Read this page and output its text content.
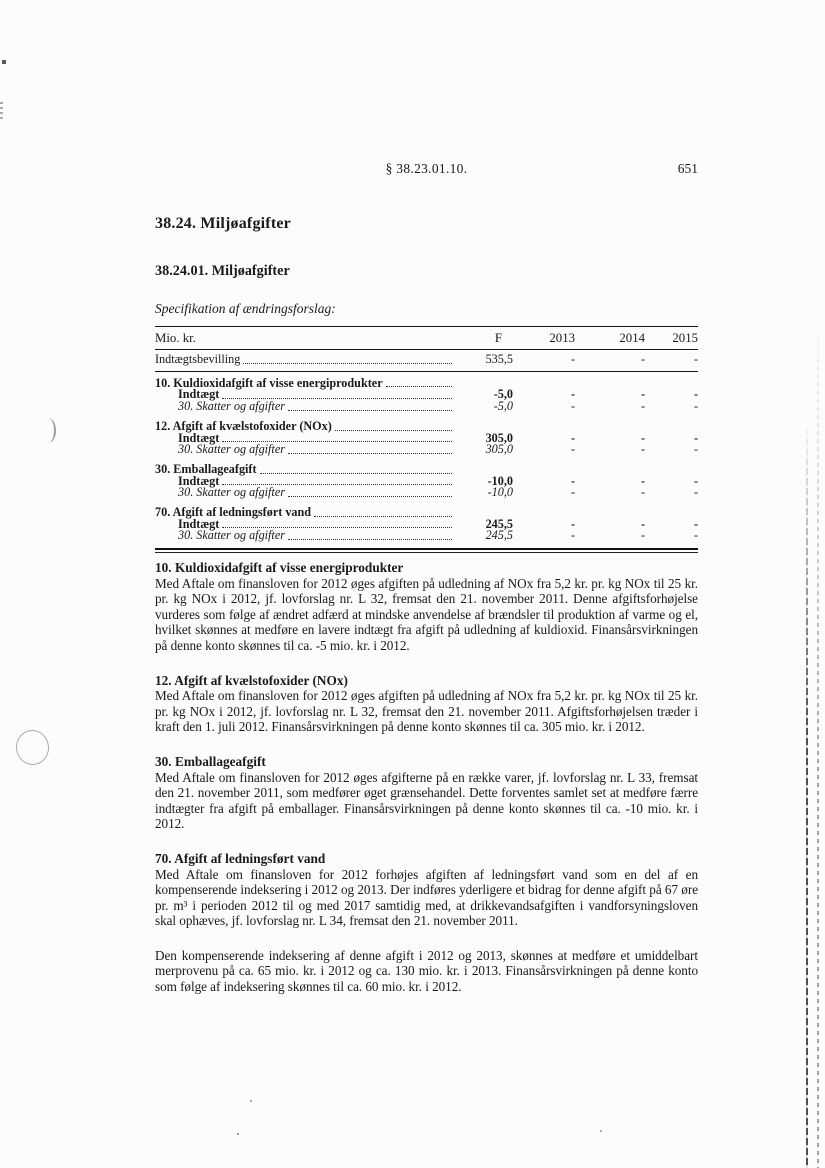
§ 38.23.01.10.	651
38.24. Miljøafgifter
38.24.01. Miljøafgifter
Specifikation af ændringsforslag:
Mio. kr.	F	2013	2014	2015
Indtægtsbevilling	535,5	-	-	-
10. Kuldioxidafgift af visse energiprodukter
Indtægt	-5,0	-	-	-
30. Skatter og afgifter	-5,0	-	-	-
12. Afgift af kvælstofoxider (NOx)
Indtægt	305,0	-	-	-
30. Skatter og afgifter	305,0	-	-	-
30. Emballageafgift
Indtægt	-10,0	-	-	-
30. Skatter og afgifter	-10,0	-	-	-
70. Afgift af ledningsført vand
Indtægt	245,5	-	-	-
30. Skatter og afgifter	245,5	-	-	-
10. Kuldioxidafgift af visse energiprodukter
Med Aftale om finansloven for 2012 øges afgiften på udledning af NOx fra 5,2 kr. pr. kg NOx til 25 kr. pr. kg NOx i 2012, jf. lovforslag nr. L 32, fremsat den 21. november 2011. Denne afgiftsforhøjelse vurderes som følge af ændret adfærd at mindske anvendelse af brændsler til produktion af varme og el, hvilket skønnes at medføre en lavere indtægt fra afgift på udledning af kuldioxid. Finansårsvirkningen på denne konto skønnes til ca. -5 mio. kr. i 2012.
12. Afgift af kvælstofoxider (NOx)
Med Aftale om finansloven for 2012 øges afgiften på udledning af NOx fra 5,2 kr. pr. kg NOx til 25 kr. pr. kg NOx i 2012, jf. lovforslag nr. L 32, fremsat den 21. november 2011. Afgiftsforhøjelsen træder i kraft den 1. juli 2012. Finansårsvirkningen på denne konto skønnes til ca. 305 mio. kr. i 2012.
30. Emballageafgift
Med Aftale om finansloven for 2012 øges afgifterne på en række varer, jf. lovforslag nr. L 33, fremsat den 21. november 2011, som medfører øget grænsehandel. Dette forventes samlet set at medføre færre indtægter fra afgift på emballager. Finansårsvirkningen på denne konto skønnes til ca. -10 mio. kr. i 2012.
70. Afgift af ledningsført vand
Med Aftale om finansloven for 2012 forhøjes afgiften af ledningsført vand som en del af en kompenserende indeksering i 2012 og 2013. Der indføres yderligere et bidrag for denne afgift på 67 øre pr. m³ i perioden 2012 til og med 2017 samtidig med, at drikkevandsafgiften i vandforsyningsloven skal ophæves, jf. lovforslag nr. L 34, fremsat den 21. november 2011.
Den kompenserende indeksering af denne afgift i 2012 og 2013, skønnes at medføre et umiddelbart merprovenu på ca. 65 mio. kr. i 2012 og ca. 130 mio. kr. i 2013. Finansårsvirkningen på denne konto som følge af indeksering skønnes til ca. 60 mio. kr. i 2012.
